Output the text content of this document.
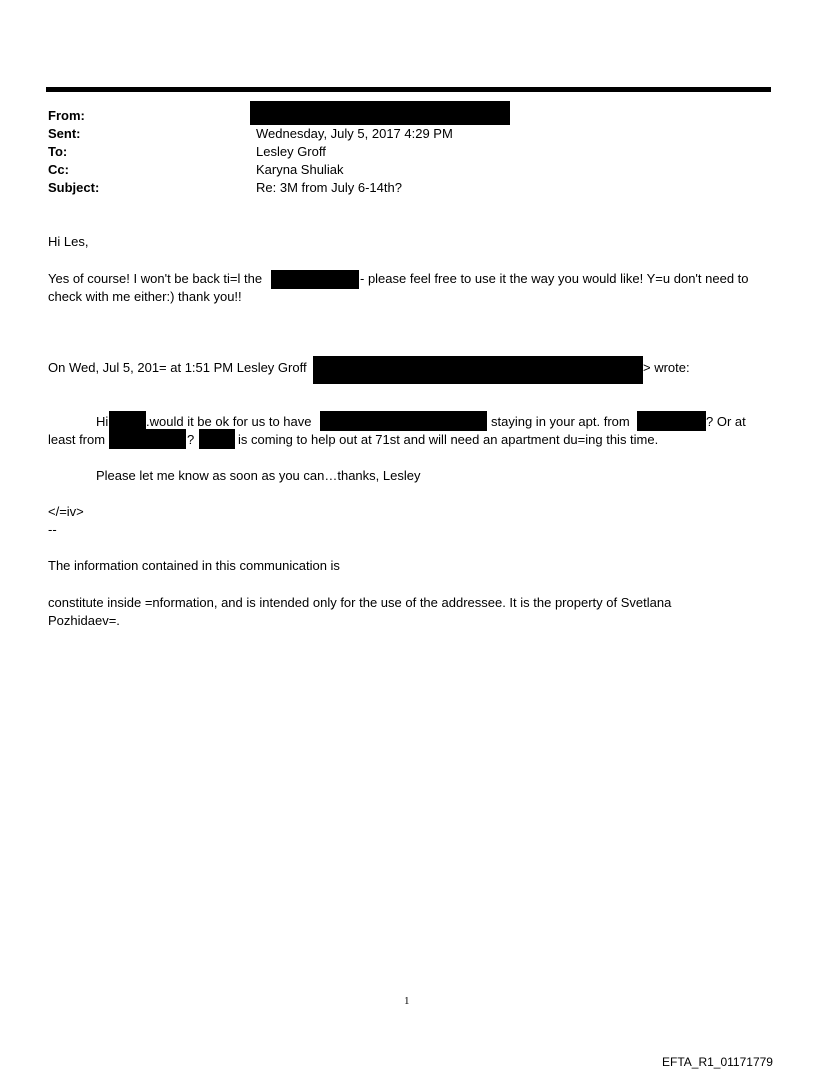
From:
Sent:	Wednesday, July 5, 2017 4:29 PM
To:	Lesley Groff
Cc:	Karyna Shuliak
Subject:	Re: 3M from July 6-14th?
Hi Les,
Yes of course! I won't be back ti=l the	- please feel free to use it the way you would like! Y=u don't need to
check with me either:) thank you!!
On Wed, Jul 5, 201= at 1:51 PM Lesley Groff	> wrote:
Hi	.would it be ok for us to have	staying in your apt. from	? Or at
least from	?	is coming to help out at 71st and will need an apartment du=ing this time.
Please let me know as soon as you can…thanks, Lesley
</=iv>
--
The information contained in this communication is
constitute inside =nformation, and is intended only for the use of the addressee. It is the property of Svetlana
Pozhidaev=.
1
EFTA_R1_01171779
